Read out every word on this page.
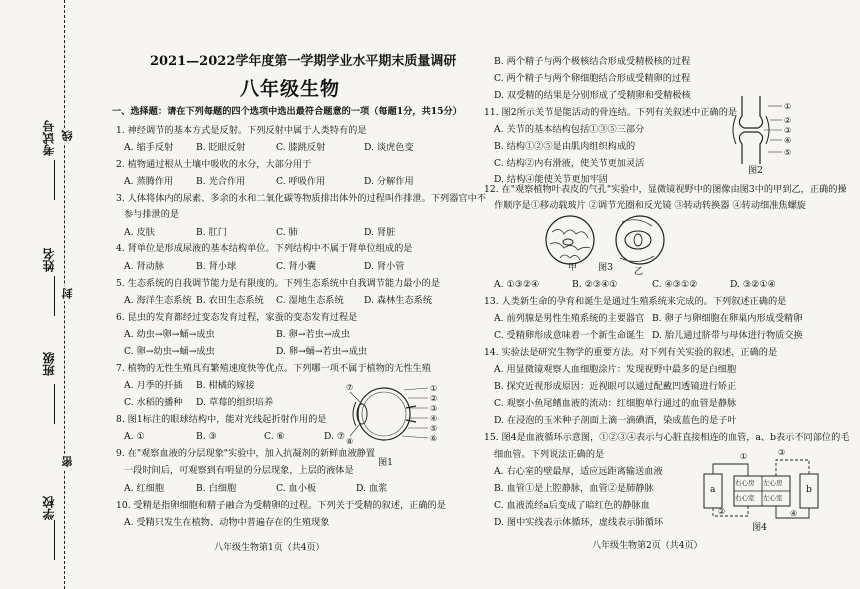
考试号 线
姓名
封
班级
密
学校
2021—2022学年度第一学期学业水平期末质量调研
八年级生物
一、选择题：请在下列每题的四个选项中选出最符合题意的一项（每题1分，共15分）
1. 神经调节的基本方式是反射。下列反射中属于人类特有的是
A. 缩手反射 B. 眨眼反射	C. 膝跳反射	D. 谈虎色变
2. 植物通过根从土壤中吸收的水分，大部分用于
A. 蒸腾作用 B. 光合作用	C. 呼吸作用	D. 分解作用
3. 人体将体内的尿素、多余的水和二氧化碳等物质排出体外的过程叫作排泄。下列器官中不
参与排泄的是
A. 皮肤	B. 肛门	C. 肺	D. 肾脏
4. 肾单位是形成尿液的基本结构单位。下列结构中不属于肾单位组成的是
A. 肾动脉	B. 肾小球	C. 肾小囊	D. 肾小管
5. 生态系统的自我调节能力是有限度的。下列生态系统中自我调节能力最小的是
A. 海洋生态系统 B. 农田生态系统 C. 湿地生态系统 D. 森林生态系统
6. 昆虫的发育都经过变态发育过程，家蚕的变态发育过程是
A. 幼虫→卵→蛹→成虫	B. 卵→若虫→成虫
C. 卵→幼虫→蛹→成虫	D. 卵→蛹→若虫→成虫
7. 植物的无性生殖具有繁殖速度快等优点。下列哪一项不属于植物的无性生殖
A. 月季的扦插 B. 柑橘的嫁接
C. 水稻的播种 D. 草莓的组织培养
8. 图1标注的眼球结构中，能对光线起折射作用的是
A. ①	B. ③	C. ⑥	D. ⑦
①
②
③
④
⑤
⑥
⑦
⑧
图1
9. 在"观察血液的分层现象"实验中，加入抗凝剂的新鲜血液静置
一段时间后，可观察到有明显的分层现象，上层的液体是
A. 红细胞	B. 白细胞	C. 血小板	D. 血浆
10. 受精是指卵细胞和精子融合为受精卵的过程。下列关于受精的叙述，正确的是
A. 受精只发生在植物、动物中普遍存在的生殖现象
八年级生物第1页（共4页）
B. 两个精子与两个极核结合形成受精极核的过程
C. 两个精子与两个卵细胞结合形成受精卵的过程
D. 双受精的结果是分别形成了受精卵和受精极核
11. 图2所示关节是能活动的骨连结。下列有关叙述中正确的是
A. 关节的基本结构包括①③⑤三部分
B. 结构①②⑤是由肌肉组织构成的
C. 结构②内有滑液，使关节更加灵活
D. 结构④能使关节更加牢固
①
②
③
④
⑤
图2
12. 在"观察植物叶表皮的气孔"实验中，显微镜视野中的图像由图3中的甲到乙，正确的操
作顺序是①移动载玻片 ②调节光圈和反光镜 ③转动转换器 ④转动细准焦螺旋
甲 图3 乙
A. ①③②④	B. ②③④①	C. ④③①②	D. ③②①④
13. 人类新生命的孕育和诞生是通过生殖系统来完成的。下列叙述正确的是
A. 前列腺是男性生殖系统的主要器官 B. 卵子与卵细胞在卵巢内形成受精卵
C. 受精卵形成意味着一个新生命诞生 D. 胎儿通过脐带与母体进行物质交换
14. 实验法是研究生物学的重要方法。对下列有关实验的叙述，正确的是
A. 用显微镜观察人血细胞涂片：发现视野中最多的是白细胞
B. 探究近视形成原因：近视眼可以通过配戴凹透镜进行矫正
C. 观察小鱼尾鳍血液的流动：红细胞单行通过的血管是静脉
D. 在浸泡的玉米种子剖面上滴一滴碘酒，染成蓝色的是子叶
15. 图4是血液循环示意图，①②③④表示与心脏直接相连的血管，a、b表示不同部位的毛
细血管。下列说法正确的是
A. 右心室的壁最厚，适应远距离输送血液
B. 血管①是上腔静脉，血管②是肺静脉
C. 血液流经a后变成了暗红色的静脉血
D. 图中实线表示体循环，虚线表示肺循环
①	③
②	④
a	b
右心房 左心房
右心室 左心室
图4
八年级生物第2页（共4页）
